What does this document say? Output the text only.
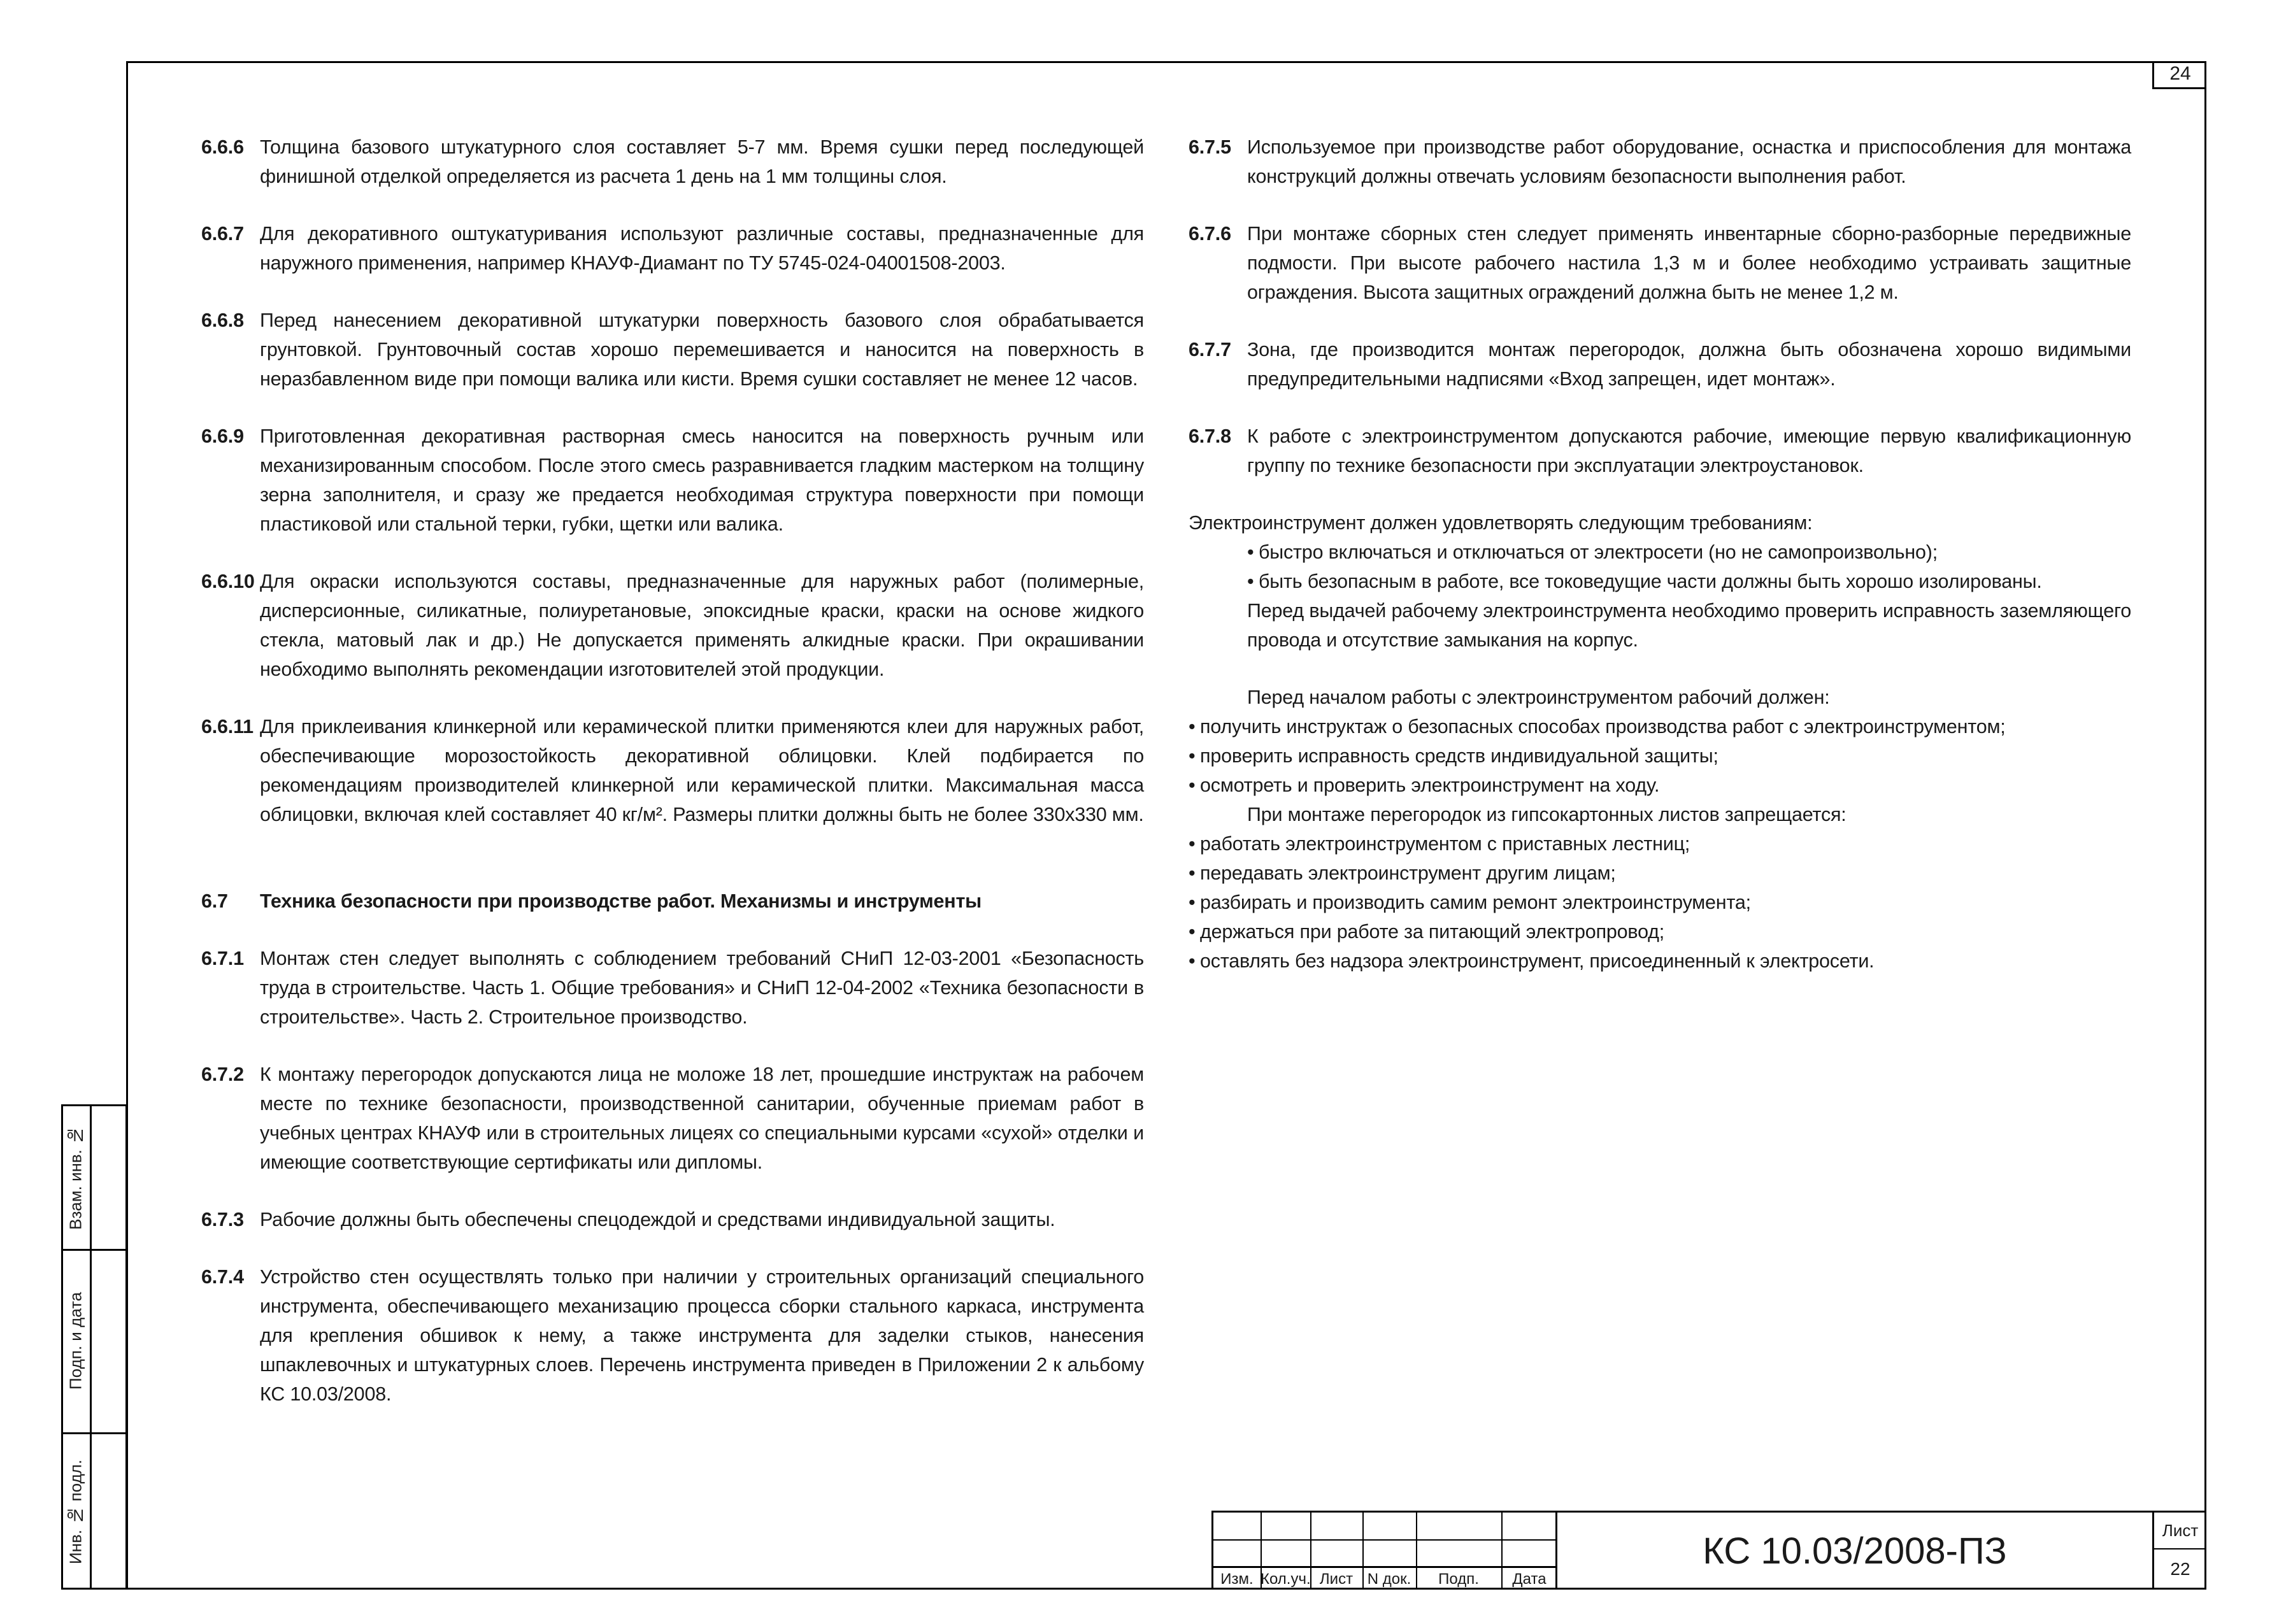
24
6.6.6 Толщина базового штукатурного слоя составляет 5-7 мм. Время сушки перед последующей финишной отделкой определяется из расчета 1 день на 1 мм толщины слоя.
6.6.7 Для декоративного оштукатуривания используют различные составы, предназначенные для наружного применения, например КНАУФ-Диамант по ТУ 5745-024-04001508-2003.
6.6.8 Перед нанесением декоративной штукатурки поверхность базового слоя обрабатывается грунтовкой. Грунтовочный состав хорошо перемешивается и наносится на поверхность в неразбавленном виде при помощи валика или кисти. Время сушки составляет не менее 12 часов.
6.6.9 Приготовленная декоративная растворная смесь наносится на поверхность ручным или механизированным способом. После этого смесь разравнивается гладким мастерком на толщину зерна заполнителя, и сразу же предается необходимая структура поверхности при помощи пластиковой или стальной терки, губки, щетки или валика.
6.6.10 Для окраски используются составы, предназначенные для наружных работ (полимерные, дисперсионные, силикатные, полиуретановые, эпоксидные краски, краски на основе жидкого стекла, матовый лак и др.) Не допускается применять алкидные краски. При окрашивании необходимо выполнять рекомендации изготовителей этой продукции.
6.6.11 Для приклеивания клинкерной или керамической плитки применяются клеи для наружных работ, обеспечивающие морозостойкость декоративной облицовки. Клей подбирается по рекомендациям производителей клинкерной или керамической плитки. Максимальная масса облицовки, включая клей составляет 40 кг/м². Размеры плитки должны быть не более 330х330 мм.
6.7 Техника безопасности при производстве работ. Механизмы и инструменты
6.7.1 Монтаж стен следует выполнять с соблюдением требований СНиП 12-03-2001 «Безопасность труда в строительстве. Часть 1. Общие требования» и СНиП 12-04-2002 «Техника безопасности в строительстве». Часть 2. Строительное производство.
6.7.2 К монтажу перегородок допускаются лица не моложе 18 лет, прошедшие инструктаж на рабочем месте по технике безопасности, производственной санитарии, обученные приемам работ в учебных центрах КНАУФ или в строительных лицеях со специальными курсами «сухой» отделки и имеющие соответствующие сертификаты или дипломы.
6.7.3 Рабочие должны быть обеспечены спецодеждой и средствами индивидуальной защиты.
6.7.4 Устройство стен осуществлять только при наличии у строительных организаций специального инструмента, обеспечивающего механизацию процесса сборки стального каркаса, инструмента для крепления обшивок к нему, а также инструмента для заделки стыков, нанесения шпаклевочных и штукатурных слоев. Перечень инструмента приведен в Приложении 2 к альбому КС 10.03/2008.
6.7.5 Используемое при производстве работ оборудование, оснастка и приспособления для монтажа конструкций должны отвечать условиям безопасности выполнения работ.
6.7.6 При монтаже сборных стен следует применять инвентарные сборно-разборные передвижные подмости. При высоте рабочего настила 1,3 м и более необходимо устраивать защитные ограждения. Высота защитных ограждений должна быть не менее 1,2 м.
6.7.7 Зона, где производится монтаж перегородок, должна быть обозначена хорошо видимыми предупредительными надписями «Вход запрещен, идет монтаж».
6.7.8 К работе с электроинструментом допускаются рабочие, имеющие первую квалификационную группу по технике безопасности при эксплуатации электроустановок.
Электроинструмент должен удовлетворять следующим требованиям:
• быстро включаться и отключаться от электросети (но не самопроизвольно);
• быть безопасным в работе, все токоведущие части должны быть хорошо изолированы.
Перед выдачей рабочему электроинструмента необходимо проверить исправность заземляющего провода и отсутствие замыкания на корпус.
Перед началом работы с электроинструментом рабочий должен:
• получить инструктаж о безопасных способах производства работ с электроинструментом;
• проверить исправность средств индивидуальной защиты;
• осмотреть и проверить электроинструмент на ходу.
При монтаже перегородок из гипсокартонных листов запрещается:
• работать электроинструментом с приставных лестниц;
• передавать электроинструмент другим лицам;
• разбирать и производить самим ремонт электроинструмента;
• держаться при работе за питающий электропровод;
• оставлять без надзора электроинструмент, присоединенный к электросети.
Взам. инв. №
Подп. и дата
Инв. № подл.
Изм. Кол.уч. Лист N док.	Подп.	Дата
КС 10.03/2008-ПЗ	Лист
22
